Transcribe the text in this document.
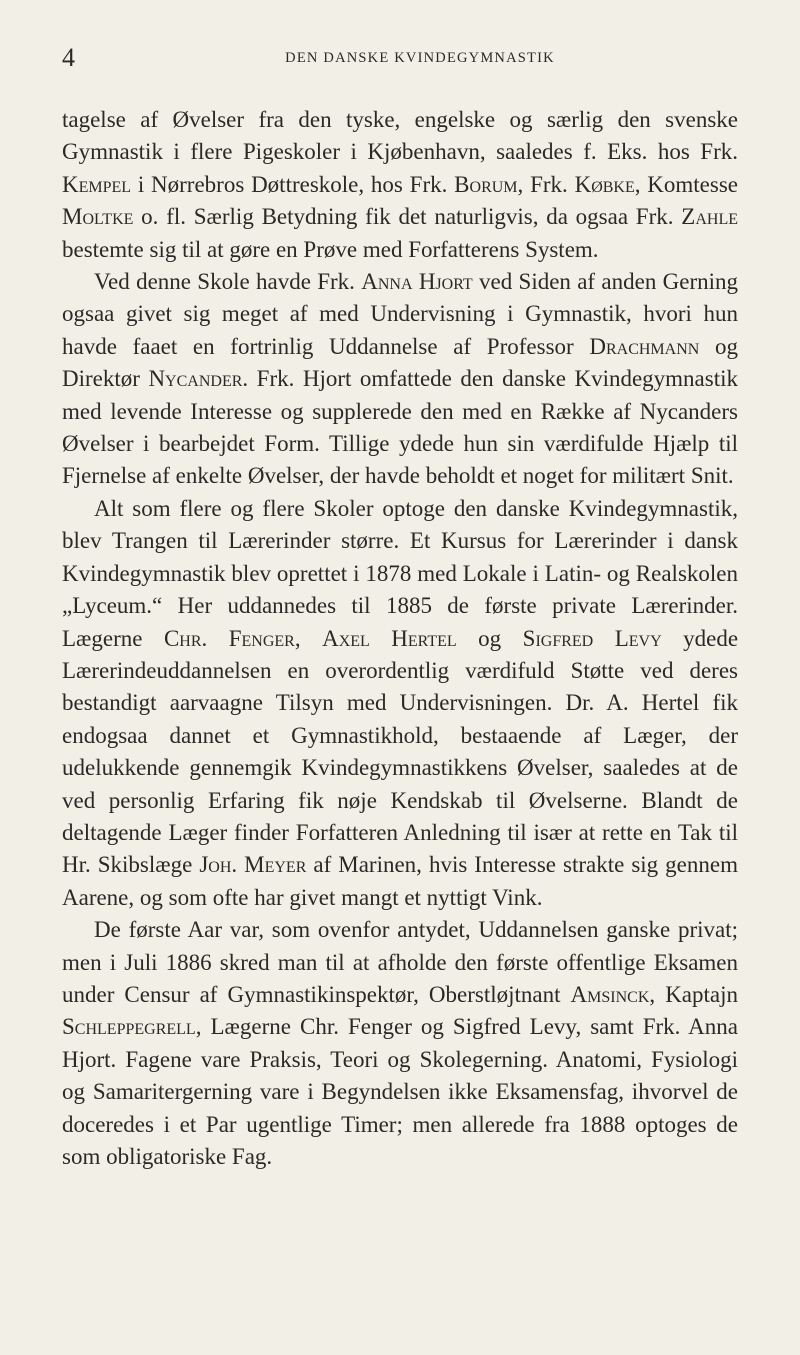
4	DEN DANSKE KVINDEGYMNASTIK

tagelse af Øvelser fra den tyske, engelske og særlig den svenske Gymnastik i flere Pigeskoler i Kjøbenhavn, saaledes f. Eks. hos Frk. Kempel i Nørrebros Døttreskole, hos Frk. Borum, Frk. Købke, Komtesse Moltke o. fl. Særlig Betydning fik det naturligvis, da ogsaa Frk. Zahle bestemte sig til at gøre en Prøve med Forfatterens System.

Ved denne Skole havde Frk. Anna Hjort ved Siden af anden Gerning ogsaa givet sig meget af med Undervisning i Gymnastik, hvori hun havde faaet en fortrinlig Uddannelse af Professor Drachmann og Direktør Nycander. Frk. Hjort omfattede den danske Kvindegymnastik med levende Interesse og supplerede den med en Række af Nycanders Øvelser i bearbejdet Form. Tillige ydede hun sin værdifulde Hjælp til Fjernelse af enkelte Øvelser, der havde beholdt et noget for militært Snit.

Alt som flere og flere Skoler optoge den danske Kvindegymnastik, blev Trangen til Lærerinder større. Et Kursus for Lærerinder i dansk Kvindegymnastik blev oprettet i 1878 med Lokale i Latin- og Realskolen „Lyceum.“ Her uddannedes til 1885 de første private Lærerinder. Lægerne Chr. Fenger, Axel Hertel og Sigfred Levy ydede Lærerindeuddannelsen en overordentlig værdifuld Støtte ved deres bestandigt aarvaagne Tilsyn med Undervisningen. Dr. A. Hertel fik endogsaa dannet et Gymnastikhold, bestaaende af Læger, der udelukkende gennemgik Kvindegymnastikkens Øvelser, saaledes at de ved personlig Erfaring fik nøje Kendskab til Øvelserne. Blandt de deltagende Læger finder Forfatteren Anledning til især at rette en Tak til Hr. Skibslæge Joh. Meyer af Marinen, hvis Interesse strakte sig gennem Aarene, og som ofte har givet mangt et nyttigt Vink.

De første Aar var, som ovenfor antydet, Uddannelsen ganske privat; men i Juli 1886 skred man til at afholde den første offentlige Eksamen under Censur af Gymnastikinspektør, Oberstløjtnant Amsinck, Kaptajn Schleppegrell, Lægerne Chr. Fenger og Sigfred Levy, samt Frk. Anna Hjort. Fagene vare Praksis, Teori og Skolegerning. Anatomi, Fysiologi og Samaritergerning vare i Begyndelsen ikke Eksamensfag, ihvorvel de doceredes i et Par ugentlige Timer; men allerede fra 1888 optoges de som obligatoriske Fag.
